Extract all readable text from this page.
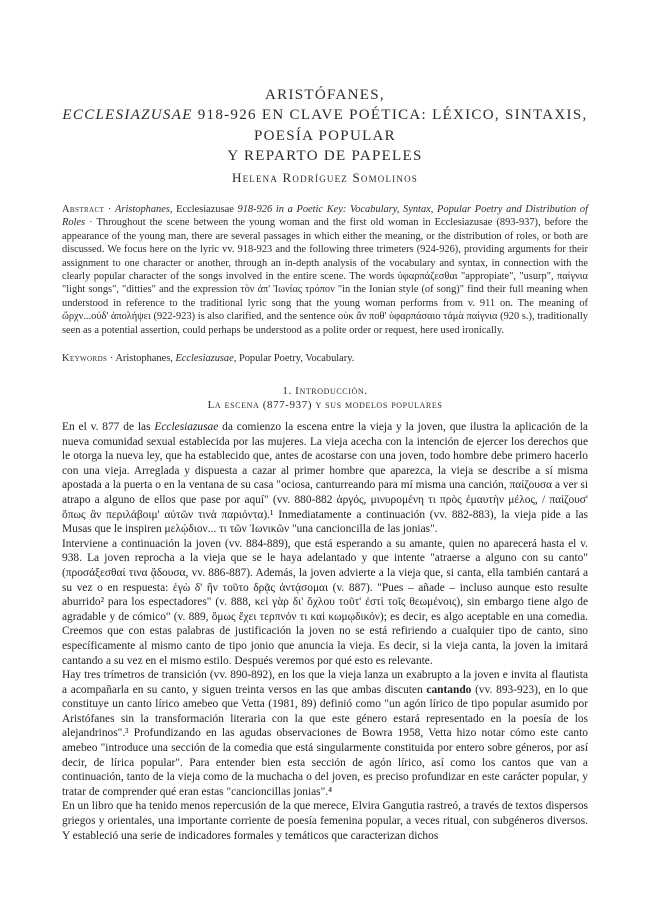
ARISTÓFANES,
ECCLESIAZUSAE 918-926 EN CLAVE POÉTICA: LÉXICO, SINTAXIS,
POESÍA POPULAR
Y REPARTO DE PAPELES
Helena Rodríguez Somolinos
Abstract · Aristophanes, Ecclesiazusae 918-926 in a Poetic Key: Vocabulary, Syntax, Popular Poetry and Distribution of Roles · Throughout the scene between the young woman and the first old woman in Ecclesiazusae (893-937), before the appearance of the young man, there are several passages in which either the meaning, or the distribution of roles, or both are discussed. We focus here on the lyric vv. 918-923 and the following three trimeters (924-926), providing arguments for their assignment to one character or another, through an in-depth analysis of the vocabulary and syntax, in connection with the clearly popular character of the songs involved in the entire scene. The words ὑφαρπάζεσθαι "appropiate", "usurp", παίγνια "light songs", "ditties" and the expression τὸν ἀπ' Ἰωνίας τρόπον "in the Ionian style (of song)" find their full meaning when understood in reference to the traditional lyric song that the young woman performs from v. 911 on. The meaning of ὤρχν...οὐδ' ἀπολήψει (922-923) is also clarified, and the sentence οὐκ ἂν ποθ' ὑφαρπάσαιο τἀμὰ παίγνια (920 s.), traditionally seen as a potential assertion, could perhaps be understood as a polite order or request, here used ironically.
Keywords · Aristophanes, Ecclesiazusae, Popular Poetry, Vocabulary.
1. Introducción.
La escena (877-937) y sus modelos populares

En el v. 877 de las Ecclesiazusae da comienzo la escena entre la vieja y la joven, que ilustra la aplicación de la nueva comunidad sexual establecida por las mujeres. La vieja acecha con la intención de ejercer los derechos que le otorga la nueva ley, que ha establecido que, antes de acostarse con una joven, todo hombre debe primero hacerlo con una vieja. Arreglada y dispuesta a cazar al primer hombre que aparezca, la vieja se describe a sí misma apostada a la puerta o en la ventana de su casa "ociosa, canturreando para mí misma una canción, παίζουσα a ver si atrapo a alguno de ellos que pase por aquí" (vv. 880-882 ἀργός, μινυρομένη τι πρὸς ἐμαυτὴν μέλος, / παίζουσ' ὅπως ἂν περιλάβοιμ' αὐτῶν τινὰ παριόντα).¹ Inmediatamente a continuación (vv. 882-883), la vieja pide a las Musas que le inspiren μελῴδιον... τι τῶν Ἰωνικῶν "una cancioncilla de las jonias".

Interviene a continuación la joven (vv. 884-889), que está esperando a su amante, quien no aparecerá hasta el v. 938. La joven reprocha a la vieja que se le haya adelantado y que intente "atraerse a alguno con su canto" (προσάξεσθαί τινα ᾄδουσα, vv. 886-887). Además, la joven advierte a la vieja que, si canta, ella también cantará a su vez o en respuesta: ἐγὼ δ' ἢν τοῦτο δρᾷς ἀντᾴσομαι (v. 887). "Pues – añade – incluso aunque esto resulte aburrido² para los espectadores" (v. 888, κεἰ γὰρ δι' ὄχλου τοῦτ' ἐστὶ τοῖς θεωμένοις), sin embargo tiene algo de agradable y de cómico" (v. 889, ὅμως ἔχει τερπνόν τι καὶ κωμῳδικόν); es decir, es algo aceptable en una comedia. Creemos que con estas palabras de justificación la joven no se está refiriendo a cualquier tipo de canto, sino específicamente al mismo canto de tipo jonio que anuncia la vieja. Es decir, si la vieja canta, la joven la imitará cantando a su vez en el mismo estilo. Después veremos por qué esto es relevante.

Hay tres trímetros de transición (vv. 890-892), en los que la vieja lanza un exabrupto a la joven e invita al flautista a acompañarla en su canto, y siguen treinta versos en las que ambas discuten cantando (vv. 893-923), en lo que constituye un canto lírico amebeo que Vetta (1981, 89) definió como "un agón lírico de tipo popular asumido por Aristófanes sin la transformación literaria con la que este género estará representado en la poesía de los alejandrinos".³ Profundizando en las agudas observaciones de Bowra 1958, Vetta hizo notar cómo este canto amebeo "introduce una sección de la comedia que está singularmente constituida por entero sobre géneros, por así decir, de lírica popular". Para entender bien esta sección de agón lírico, así como los cantos que van a continuación, tanto de la vieja como de la muchacha o del joven, es preciso profundizar en este carácter popular, y tratar de comprender qué eran estas "cancioncillas jonias".⁴

En un libro que ha tenido menos repercusión de la que merece, Elvira Gangutia rastreó, a través de textos dispersos griegos y orientales, una importante corriente de poesía femenina popular, a veces ritual, con subgéneros diversos. Y estableció una serie de indicadores formales y temáticos que caracterizan dichos
